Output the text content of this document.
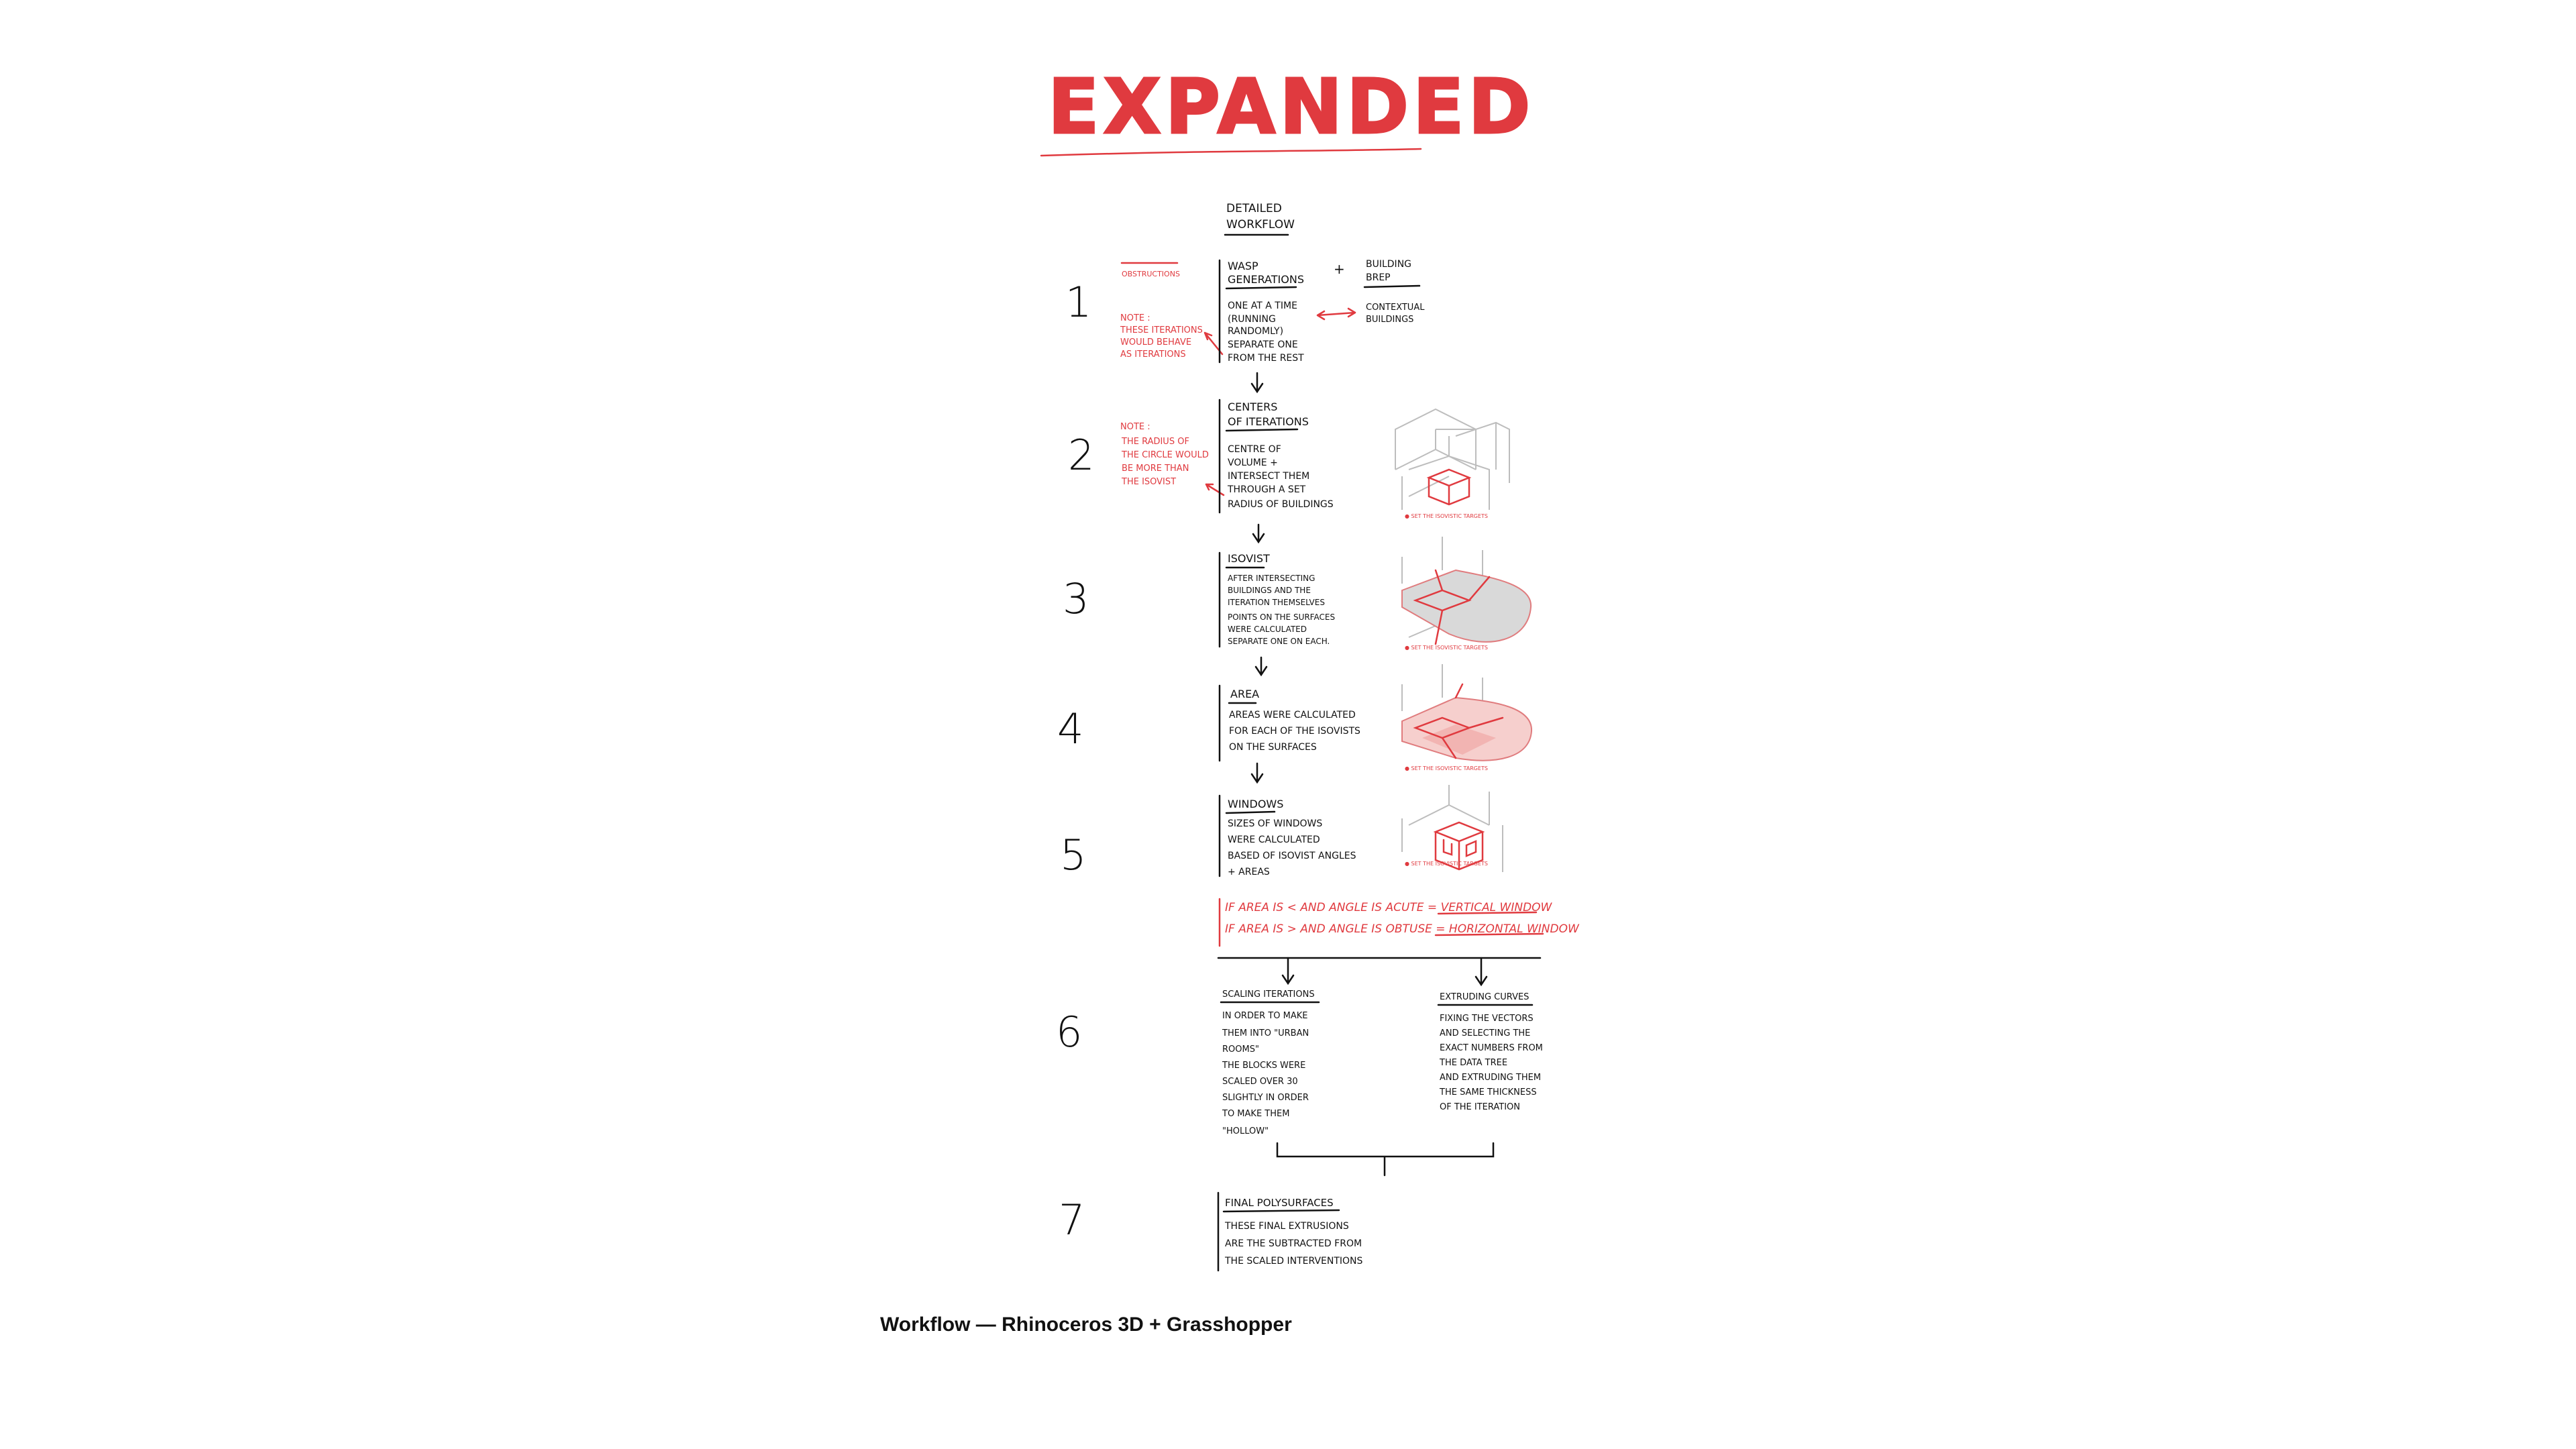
EXPANDED
DETAILED
WORKFLOW
OBSTRUCTIONS
1	NOTE :
THESE ITERATIONS
WOULD BEHAVE
AS ITERATIONS
WASP
GENERATIONS
ONE AT A TIME
(RUNNING
RANDOMLY)
SEPARATE ONE
FROM THE REST
+ BUILDING
BREP
CONTEXTUAL
BUILDINGS
2
NOTE :
THE RADIUS OF
THE CIRCLE WOULD
BE MORE THAN
THE ISOVIST
CENTERS
OF ITERATIONS
CENTRE OF
VOLUME +
INTERSECT THEM
THROUGH A SET
RADIUS OF BUILDINGS
3
ISOVIST
AFTER INTERSECTING
BUILDINGS AND THE
ITERATION THEMSELVES
POINTS ON THE SURFACES
WERE CALCULATED
SEPARATE ONE ON EACH.
4
AREA
AREAS WERE CALCULATED
FOR EACH OF THE ISOVISTS
ON THE SURFACES
5
WINDOWS
SIZES OF WINDOWS
WERE CALCULATED
BASED OF ISOVIST ANGLES
+ AREAS
IF AREA IS < AND ANGLE IS ACUTE = VERTICAL WINDOW
IF AREA IS > AND ANGLE IS OBTUSE = HORIZONTAL WINDOW
6
SCALING ITERATIONS
IN ORDER TO MAKE
THEM INTO "URBAN
ROOMS"
THE BLOCKS WERE
SCALED OVER 30
SLIGHTLY IN ORDER
TO MAKE THEM
"HOLLOW"
EXTRUDING CURVES
FIXING THE VECTORS
AND SELECTING THE
EXACT NUMBERS FROM
THE DATA TREE
AND EXTRUDING THEM
THE SAME THICKNESS
OF THE ITERATION
7	FINAL POLYSURFACES
THESE FINAL EXTRUSIONS
ARE THE SUBTRACTED FROM
THE SCALED INTERVENTIONS
● SET THE ISOVISTIC TARGETS
● SET THE ISOVISTIC TARGETS
● SET THE ISOVISTIC TARGETS
● SET THE ISOVISTIC TARGETS
Workflow — Rhinoceros 3D + Grasshopper
